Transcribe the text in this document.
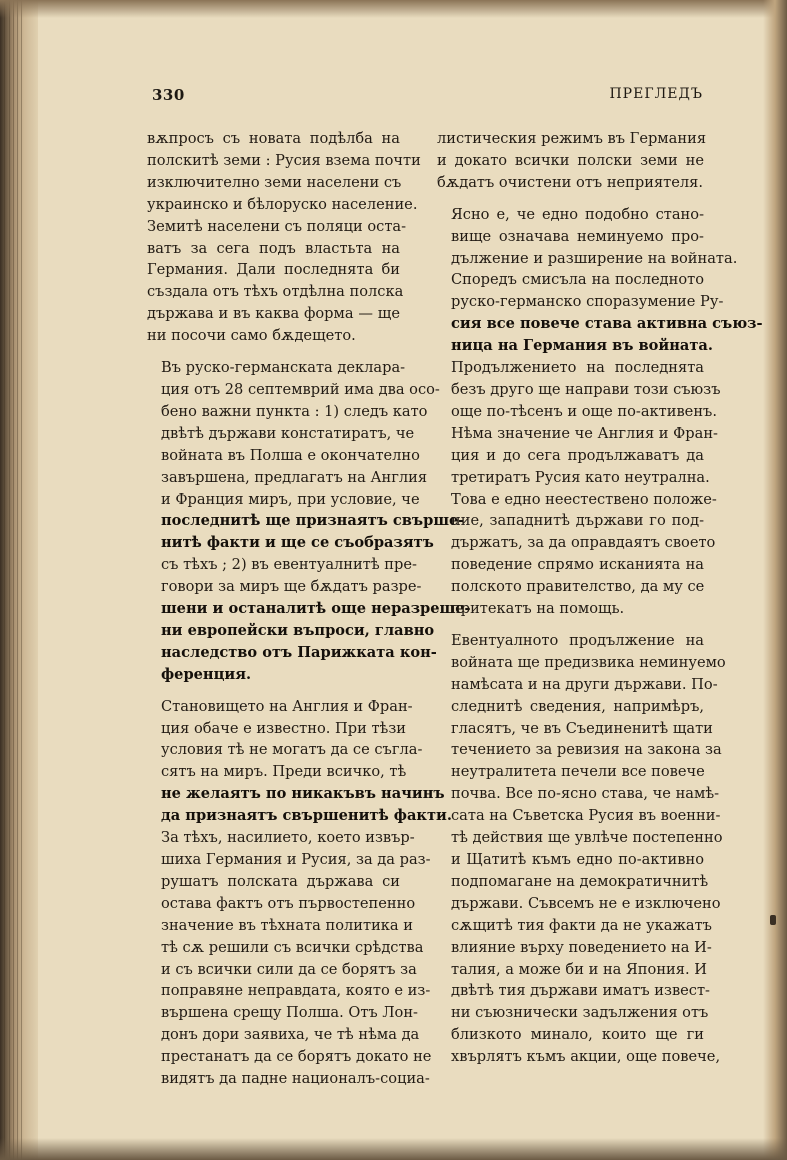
330	ПРЕГЛЕДЪ

вѫпросъ съ новата подѣлба на
полскитѣ земи : Русия взема почти
изключително земи населени съ
украинско и бѣлоруско население.
Земитѣ населени съ поляци оста-
ватъ за сега подъ властьта на
Германия. Дали последнята би
създала отъ тѣхъ отдѣлна полска
държава и въ каква форма — ще
ни посочи само бѫдещето.

Въ руско-германската деклара-
ция отъ 28 септемврий има два осо-
бено важни пункта : 1) следъ като
двѣтѣ държави констатиратъ, че
войната въ Полша е окончателно
завършена, предлагатъ на Англия
и Франция миръ, при условие, че
последнитѣ ще признаятъ свърше-
нитѣ факти и ще се съобразятъ
съ тѣхъ ; 2) въ евентуалнитѣ пре-
говори за миръ ще бѫдатъ разре-
шени и останалитѣ още неразреше-
ни европейски въпроси, главно
наследство отъ Парижката кон-
ференция.

Становището на Англия и Фран-
ция обаче е известно. При тѣзи
условия тѣ не могатъ да се съгла-
сятъ на миръ. Преди всичко, тѣ
не желаятъ по никакъвъ начинъ
да признаятъ свършенитѣ факти.
За тѣхъ, насилието, което извър-
шиха Германия и Русия, за да раз-
рушатъ полската държава си
остава фактъ отъ първостепенно
значение въ тѣхната политика и
тѣ сѫ решили съ всички срѣдства
и съ всички сили да се борятъ за
поправяне неправдата, която е из-
вършена срещу Полша. Отъ Лон-
донъ дори заявиха, че тѣ нѣма да
престанатъ да се борятъ докато не
видятъ да падне националъ-социа-

листическия режимъ въ Германия
и докато всички полски земи не
бѫдатъ очистени отъ неприятеля.

Ясно е, че едно подобно стано-
вище означава неминуемо про-
дължение и разширение на войната.
Споредъ смисъла на последното
руско-германско споразумение Ру-
сия все повече става активна съюз-
ница на Германия въ войната.
Продължението на последнята
безъ друго ще направи този съюзъ
още по-тѣсенъ и още по-активенъ.
Нѣма значение че Англия и Фран-
ция и до сега продължаватъ да
третиратъ Русия като неутрална.
Това е едно неестествено положе-
ние, западнитѣ държави го под-
държатъ, за да оправдаятъ своето
поведение спрямо исканията на
полското правителство, да му се
притекатъ на помощь.

Евентуалното продължение на
войната ще предизвика неминуемо
намѣсата и на други държави. По-
следнитѣ сведения, напримѣръ,
гласятъ, че въ Съединенитѣ щати
течението за ревизия на закона за
неутралитета печели все повече
почва. Все по-ясно става, че намѣ-
сата на Съветска Русия въ военни-
тѣ действия ще увлѣче постепенно
и Щатитѣ къмъ едно по-активно
подпомагане на демократичнитѣ
държави. Съвсемъ не е изключено
сѫщитѣ тия факти да не укажатъ
влияние върху поведението на И-
талия, а може би и на Япония. И
двѣтѣ тия държави иматъ извест-
ни съюзнически задължения отъ
близкото минало, които ще ги
хвърлятъ къмъ акции, още повече,
